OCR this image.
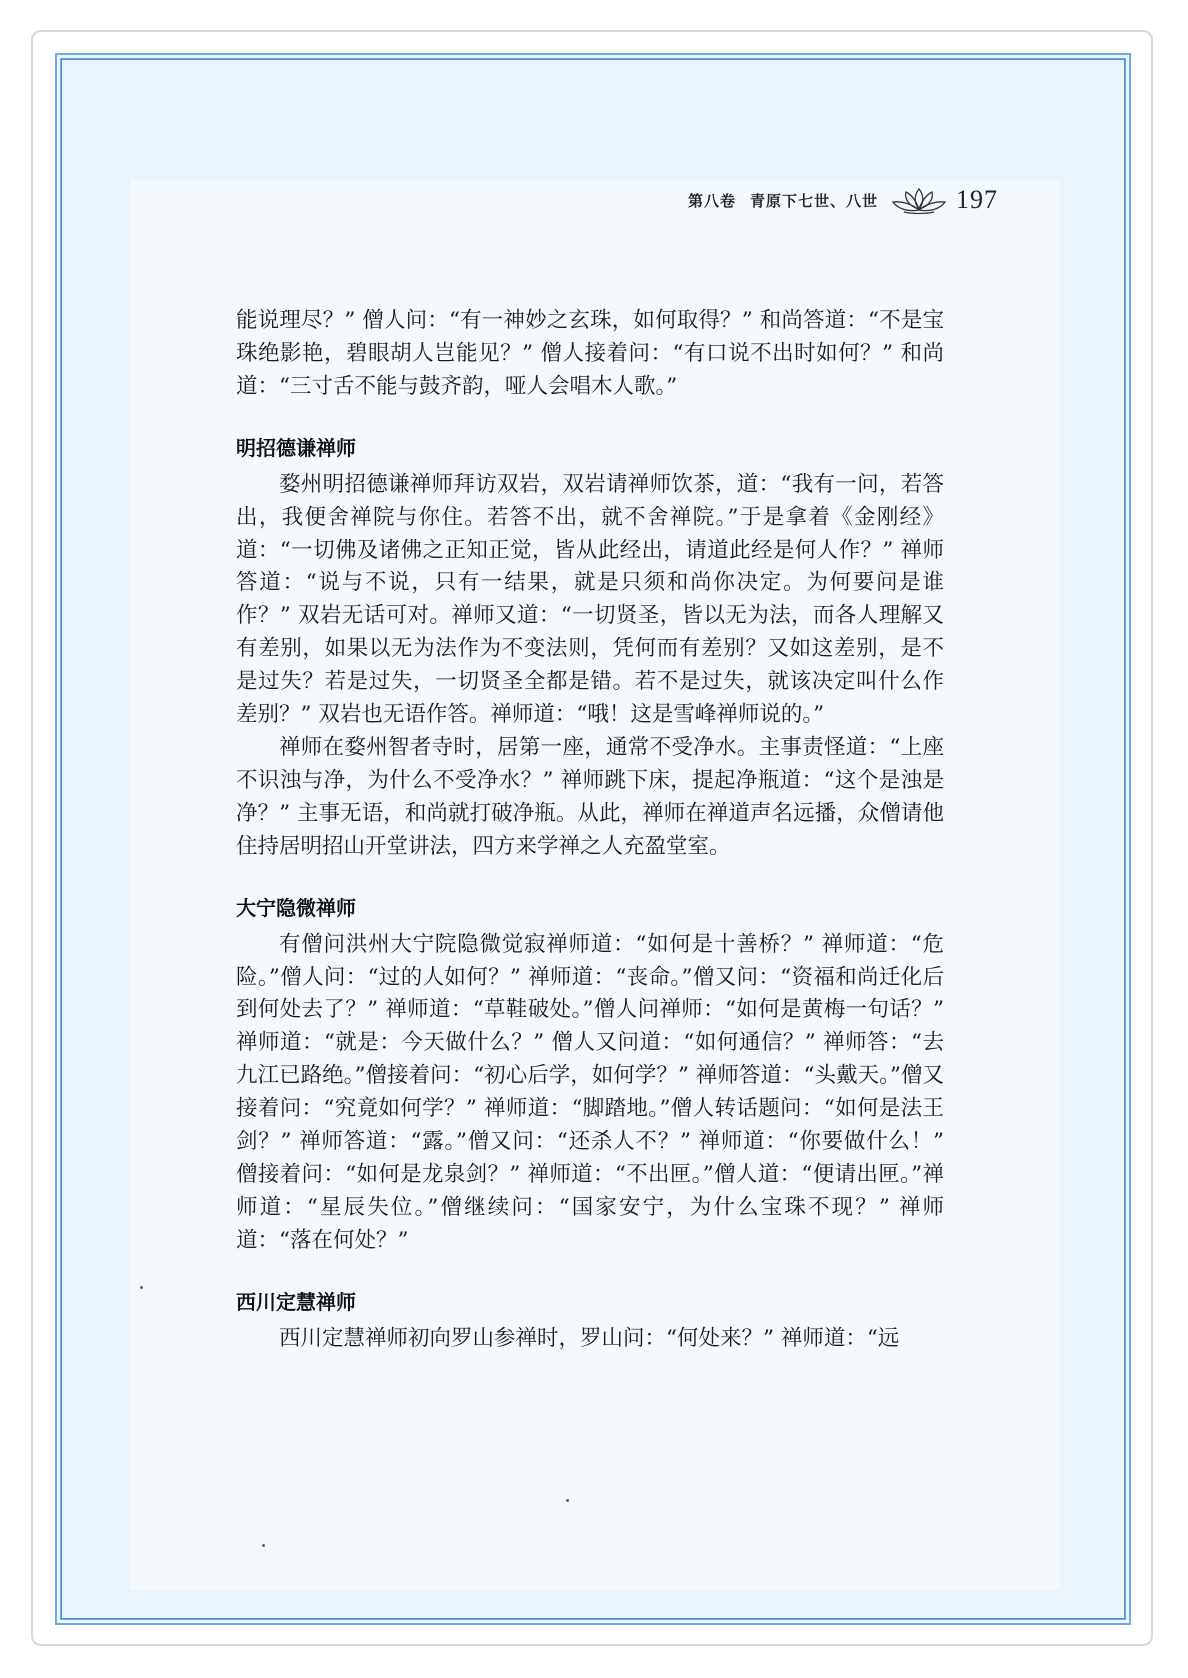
第八卷 青原下七世、八世	197

能说理尽？” 僧人问：“有一神妙之玄珠，如何取得？” 和尚答道：“不是宝珠绝影艳，碧眼胡人岂能见？” 僧人接着问：“有口说不出时如何？” 和尚道：“三寸舌不能与鼓齐韵，哑人会唱木人歌。”

明招德谦禅师

婺州明招德谦禅师拜访双岩，双岩请禅师饮茶，道：“我有一问，若答出，我便舍禅院与你住。若答不出，就不舍禅院。”于是拿着《金刚经》道：“一切佛及诸佛之正知正觉，皆从此经出，请道此经是何人作？” 禅师答道：“说与不说，只有一结果，就是只须和尚你决定。为何要问是谁作？” 双岩无话可对。禅师又道：“一切贤圣，皆以无为法，而各人理解又有差别，如果以无为法作为不变法则，凭何而有差别？又如这差别，是不是过失？若是过失，一切贤圣全都是错。若不是过失，就该决定叫什么作差别？” 双岩也无语作答。禅师道：“哦！这是雪峰禅师说的。”

禅师在婺州智者寺时，居第一座，通常不受净水。主事责怪道：“上座不识浊与净，为什么不受净水？” 禅师跳下床，提起净瓶道：“这个是浊是净？” 主事无语，和尚就打破净瓶。从此，禅师在禅道声名远播，众僧请他住持居明招山开堂讲法，四方来学禅之人充盈堂室。

大宁隐微禅师

有僧问洪州大宁院隐微觉寂禅师道：“如何是十善桥？” 禅师道：“危险。”僧人问：“过的人如何？” 禅师道：“丧命。”僧又问：“资福和尚迁化后到何处去了？” 禅师道：“草鞋破处。”僧人问禅师：“如何是黄梅一句话？” 禅师道：“就是：今天做什么？” 僧人又问道：“如何通信？” 禅师答：“去九江已路绝。”僧接着问：“初心后学，如何学？” 禅师答道：“头戴天。”僧又接着问：“究竟如何学？” 禅师道：“脚踏地。”僧人转话题问：“如何是法王剑？” 禅师答道：“露。”僧又问：“还杀人不？” 禅师道：“你要做什么！” 僧接着问：“如何是龙泉剑？” 禅师道：“不出匣。”僧人道：“便请出匣。”禅师道：“星辰失位。”僧继续问：“国家安宁，为什么宝珠不现？” 禅师道：“落在何处？”

西川定慧禅师

西川定慧禅师初向罗山参禅时，罗山问：“何处来？” 禅师道：“远
